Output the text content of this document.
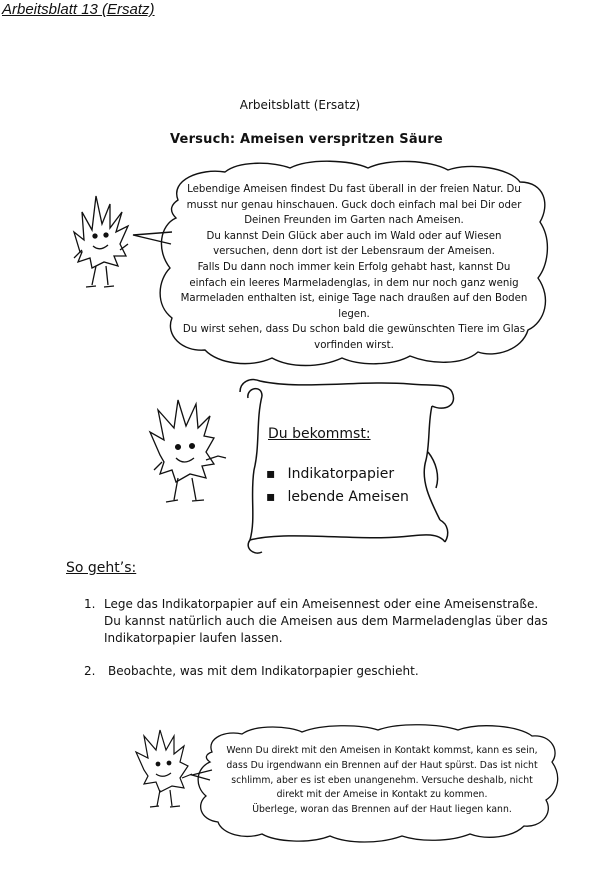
Arbeitsblatt 13 (Ersatz)
Arbeitsblatt (Ersatz)
Versuch: Ameisen verspritzen Säure
Lebendige Ameisen findest Du fast überall in der freien Natur. Du
musst nur genau hinschauen. Guck doch einfach mal bei Dir oder
Deinen Freunden im Garten nach Ameisen.
Du kannst Dein Glück aber auch im Wald oder auf Wiesen
versuchen, denn dort ist der Lebensraum der Ameisen.
Falls Du dann noch immer kein Erfolg gehabt hast, kannst Du
einfach ein leeres Marmeladenglas, in dem nur noch ganz wenig
Marmeladen enthalten ist, einige Tage nach draußen auf den Boden
legen.
Du wirst sehen, dass Du schon bald die gewünschten Tiere im Glas
vorfinden wirst.
Du bekommst:
▪ Indikatorpapier
▪ lebende Ameisen
So geht’s:
1. Lege das Indikatorpapier auf ein Ameisennest oder eine Ameisenstraße.
Du kannst natürlich auch die Ameisen aus dem Marmeladenglas über das
Indikatorpapier laufen lassen.
2. Beobachte, was mit dem Indikatorpapier geschieht.
Wenn Du direkt mit den Ameisen in Kontakt kommst, kann es sein,
dass Du irgendwann ein Brennen auf der Haut spürst. Das ist nicht
schlimm, aber es ist eben unangenehm. Versuche deshalb, nicht
direkt mit der Ameise in Kontakt zu kommen.
Überlege, woran das Brennen auf der Haut liegen kann.
